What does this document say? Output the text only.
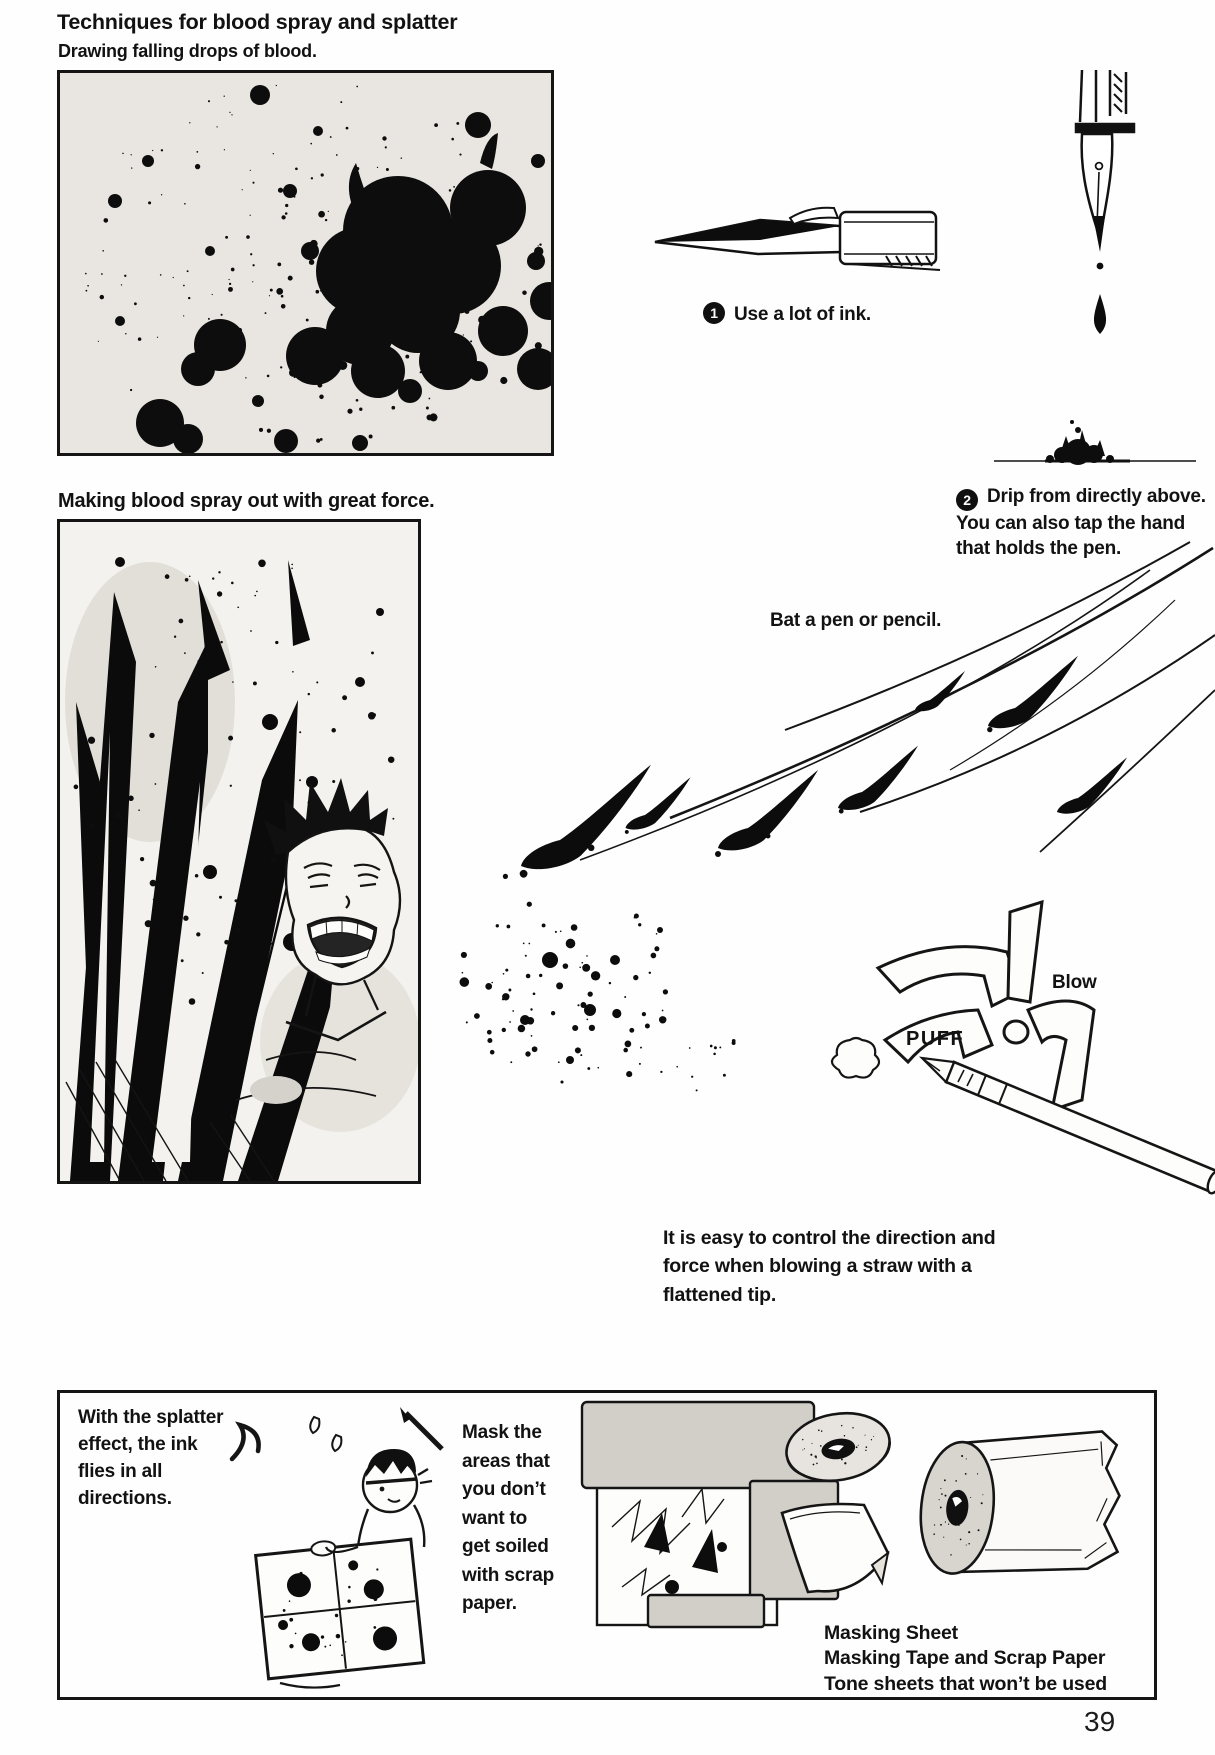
Techniques for blood spray and splatter
Drawing falling drops of blood.
1 Use a lot of ink.
2 Drip from directly above. You can also tap the hand that holds the pen.
Making blood spray out with great force.
Bat a pen or pencil.
Blow
PUFF
It is easy to control the direction and force when blowing a straw with a flattened tip.
With the splatter effect, the ink flies in all directions.
Mask the areas that you don’t want to get soiled with scrap paper.
Masking Sheet
Masking Tape and Scrap Paper
Tone sheets that won’t be used
39
